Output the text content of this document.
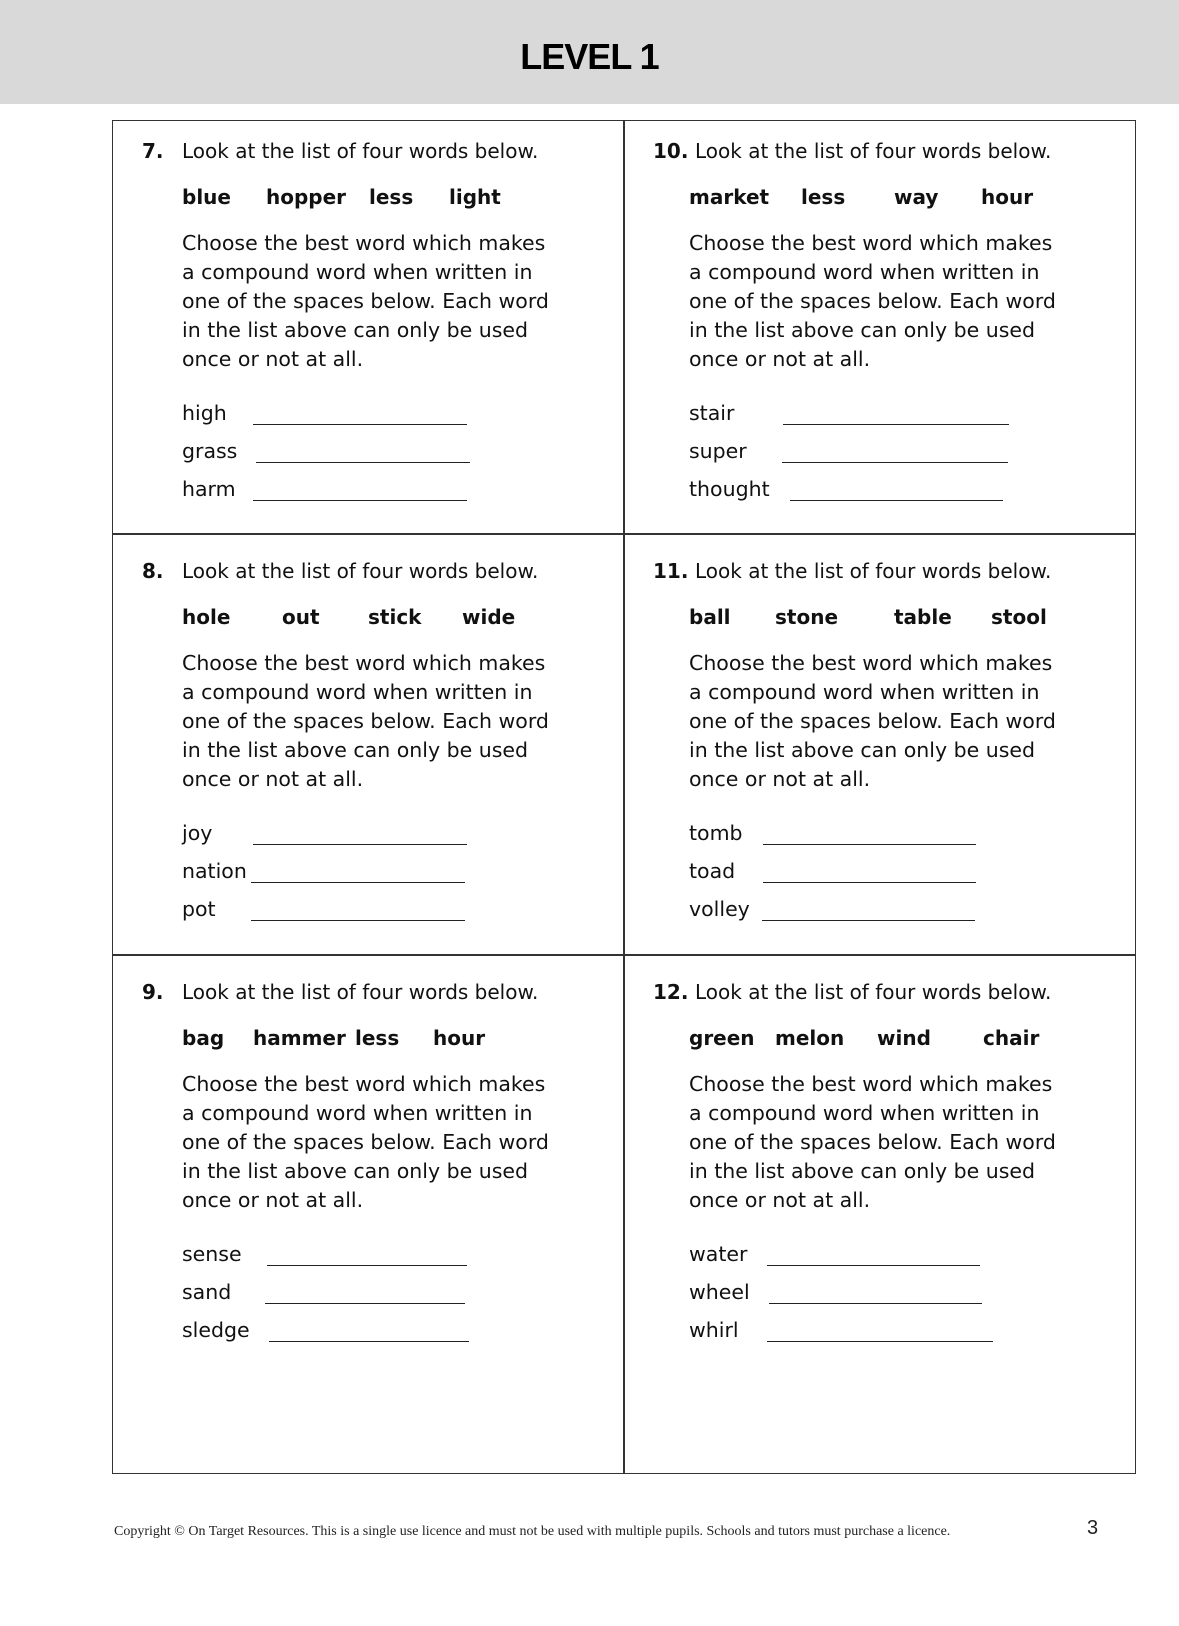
LEVEL 1
7. Look at the list of four words below.
blue hopper less light
Choose the best word which makes a compound word when written in one of the spaces below. Each word in the list above can only be used once or not at all.
high
grass
harm
8. Look at the list of four words below.
hole	out stick wide
Choose the best word which makes a compound word when written in one of the spaces below. Each word in the list above can only be used once or not at all.
joy
nation
pot
9. Look at the list of four words below.
bag hammer less hour
Choose the best word which makes a compound word when written in one of the spaces below. Each word in the list above can only be used once or not at all.
sense
sand
sledge
10. Look at the list of four words below.
market less way hour
Choose the best word which makes a compound word when written in one of the spaces below. Each word in the list above can only be used once or not at all.
stair
super
thought
11. Look at the list of four words below.
ball stone	table stool
Choose the best word which makes a compound word when written in one of the spaces below. Each word in the list above can only be used once or not at all.
tomb
toad
volley
12. Look at the list of four words below.
green melon wind	chair
Choose the best word which makes a compound word when written in one of the spaces below. Each word in the list above can only be used once or not at all.
water
wheel
whirl
Copyright © On Target Resources. This is a single use licence and must not be used with multiple pupils. Schools and tutors must purchase a licence.	3
